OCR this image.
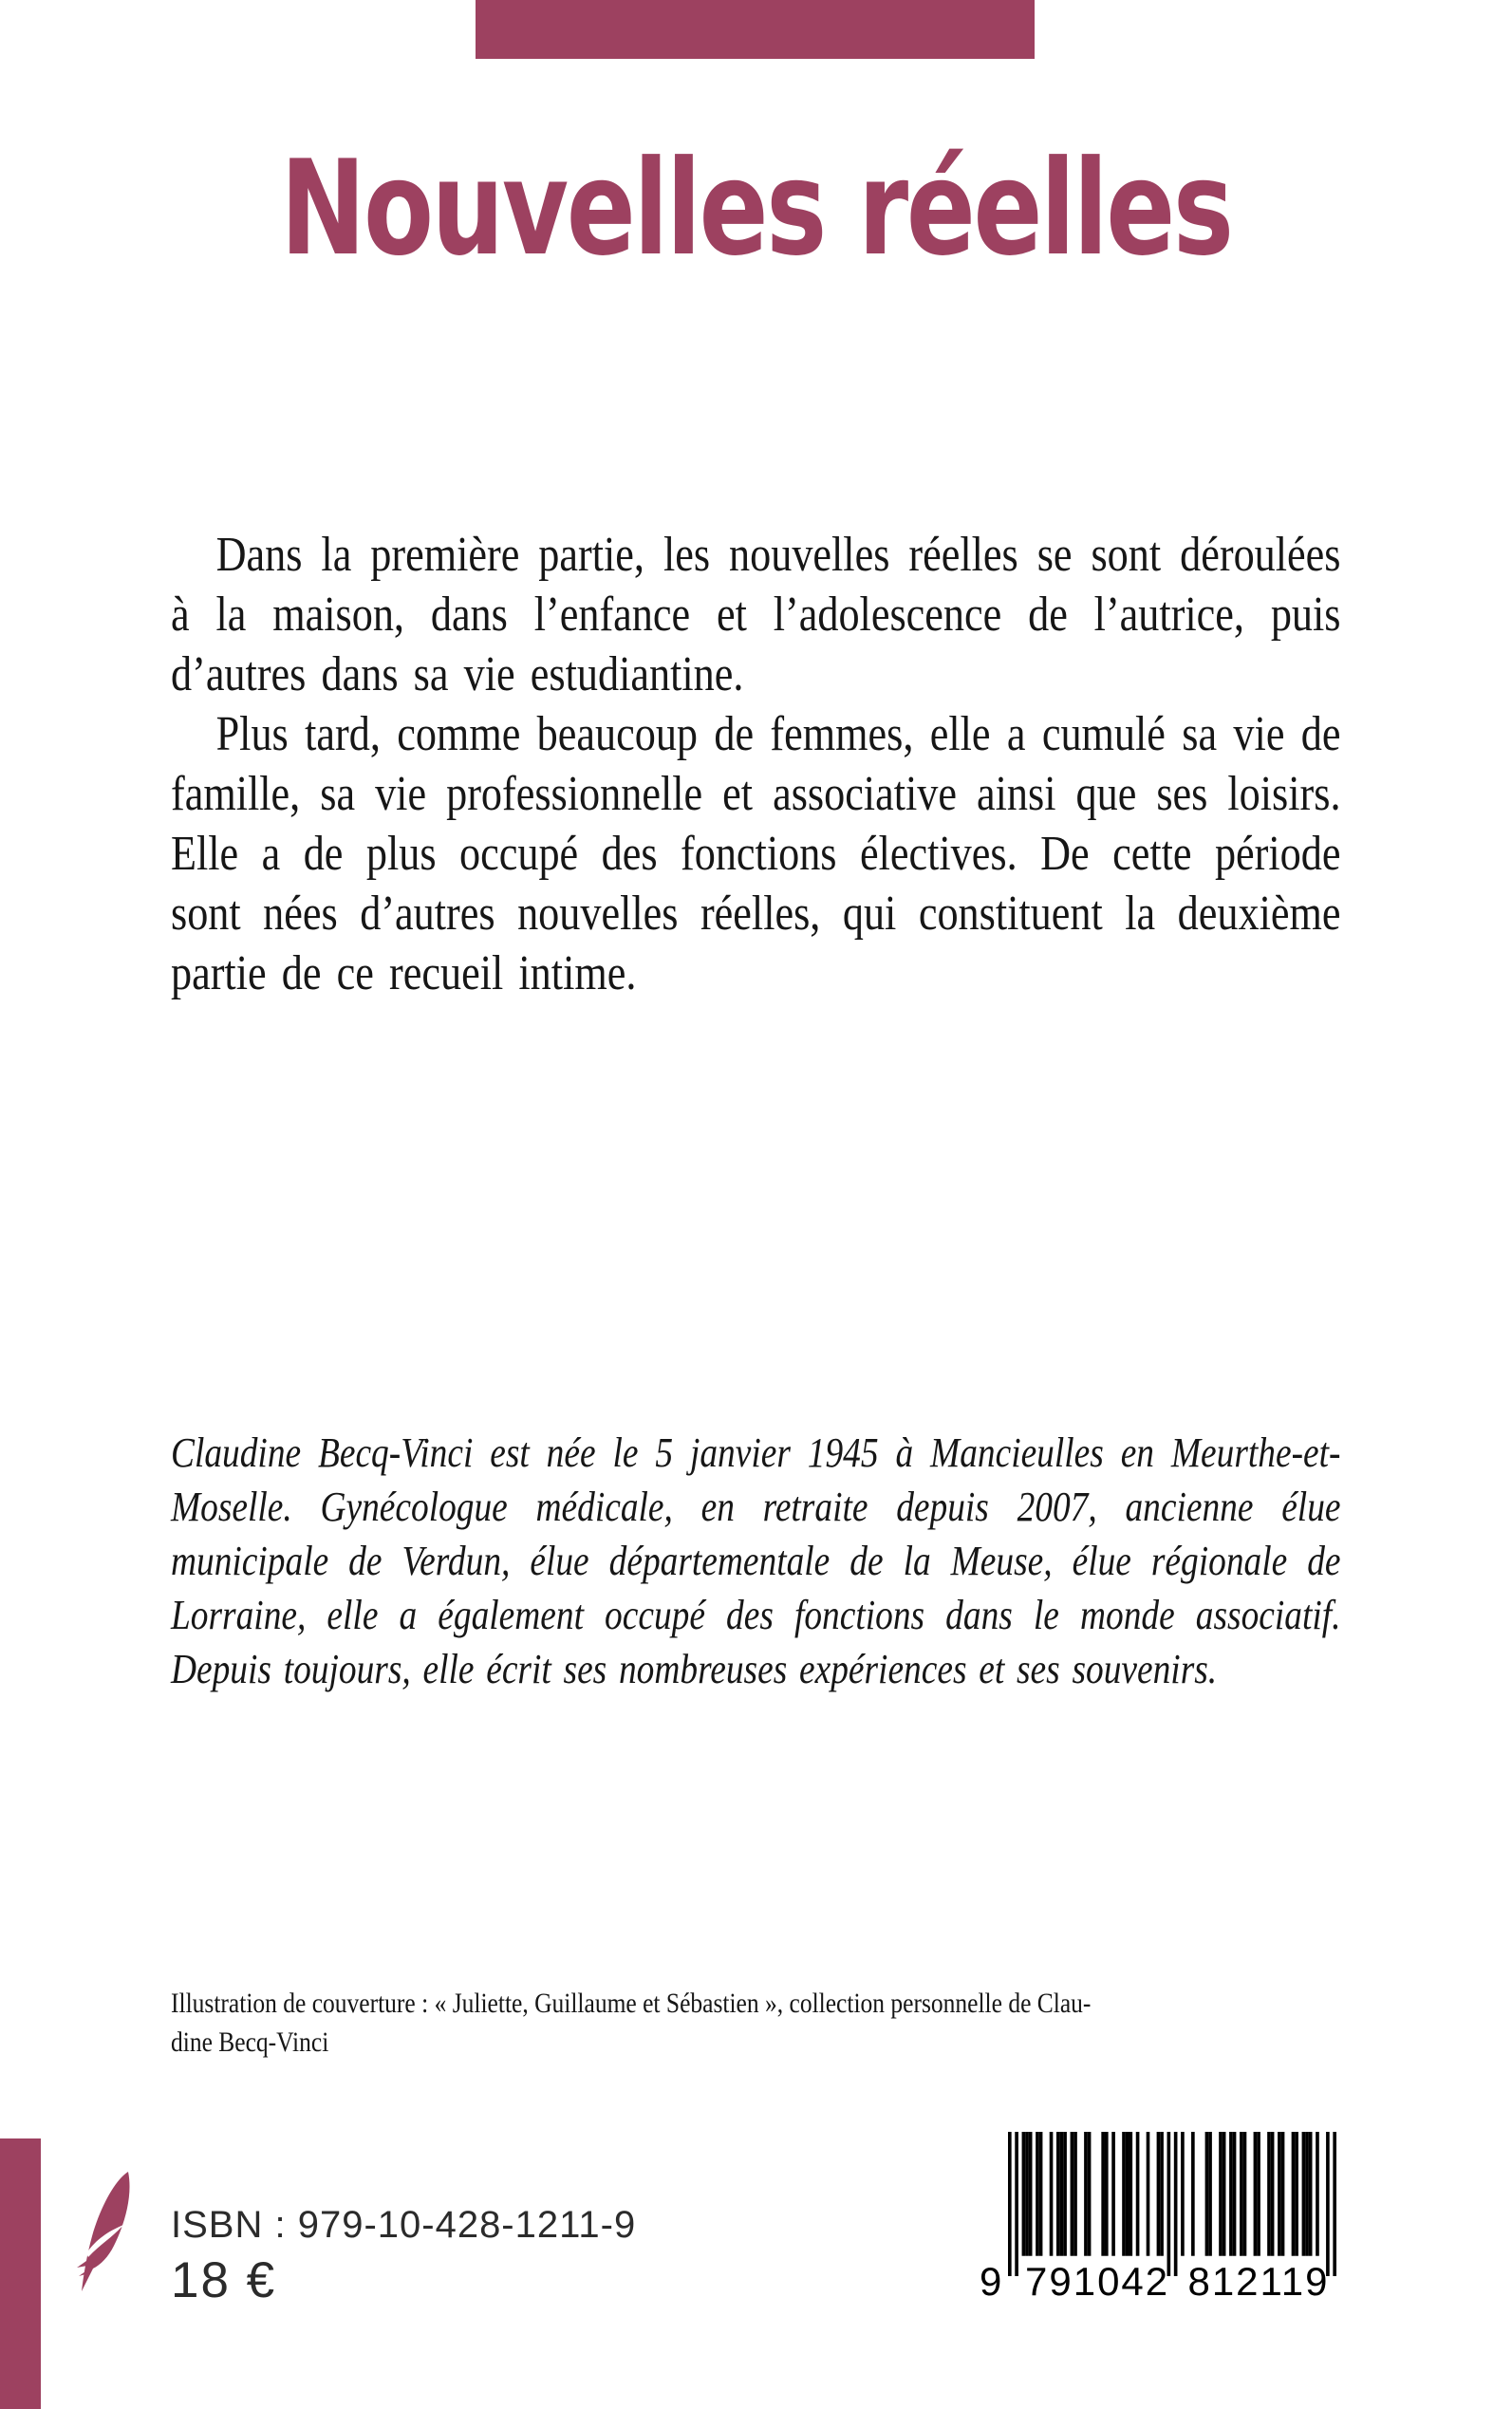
Nouvelles réelles

Dans la première partie, les nouvelles réelles se sont déroulées à la maison, dans l’enfance et l’adolescence de l’autrice, puis d’autres dans sa vie estudiantine.

Plus tard, comme beaucoup de femmes, elle a cumulé sa vie de famille, sa vie professionnelle et associative ainsi que ses loisirs. Elle a de plus occupé des fonctions électives. De cette période sont nées d’autres nouvelles réelles, qui constituent la deuxième partie de ce recueil intime.

Claudine Becq-Vinci est née le 5 janvier 1945 à Mancieulles en Meurthe-et-Moselle. Gynécologue médicale, en retraite depuis 2007, ancienne élue municipale de Verdun, élue départementale de la Meuse, élue régionale de Lorraine, elle a également occupé des fonctions dans le monde associatif. Depuis toujours, elle écrit ses nombreuses expériences et ses souvenirs.

Illustration de couverture : « Juliette, Guillaume et Sébastien », collection personnelle de Clau-
dine Becq-Vinci
ISBN : 979-10-428-1211-9
18 €	9 791042 812119
